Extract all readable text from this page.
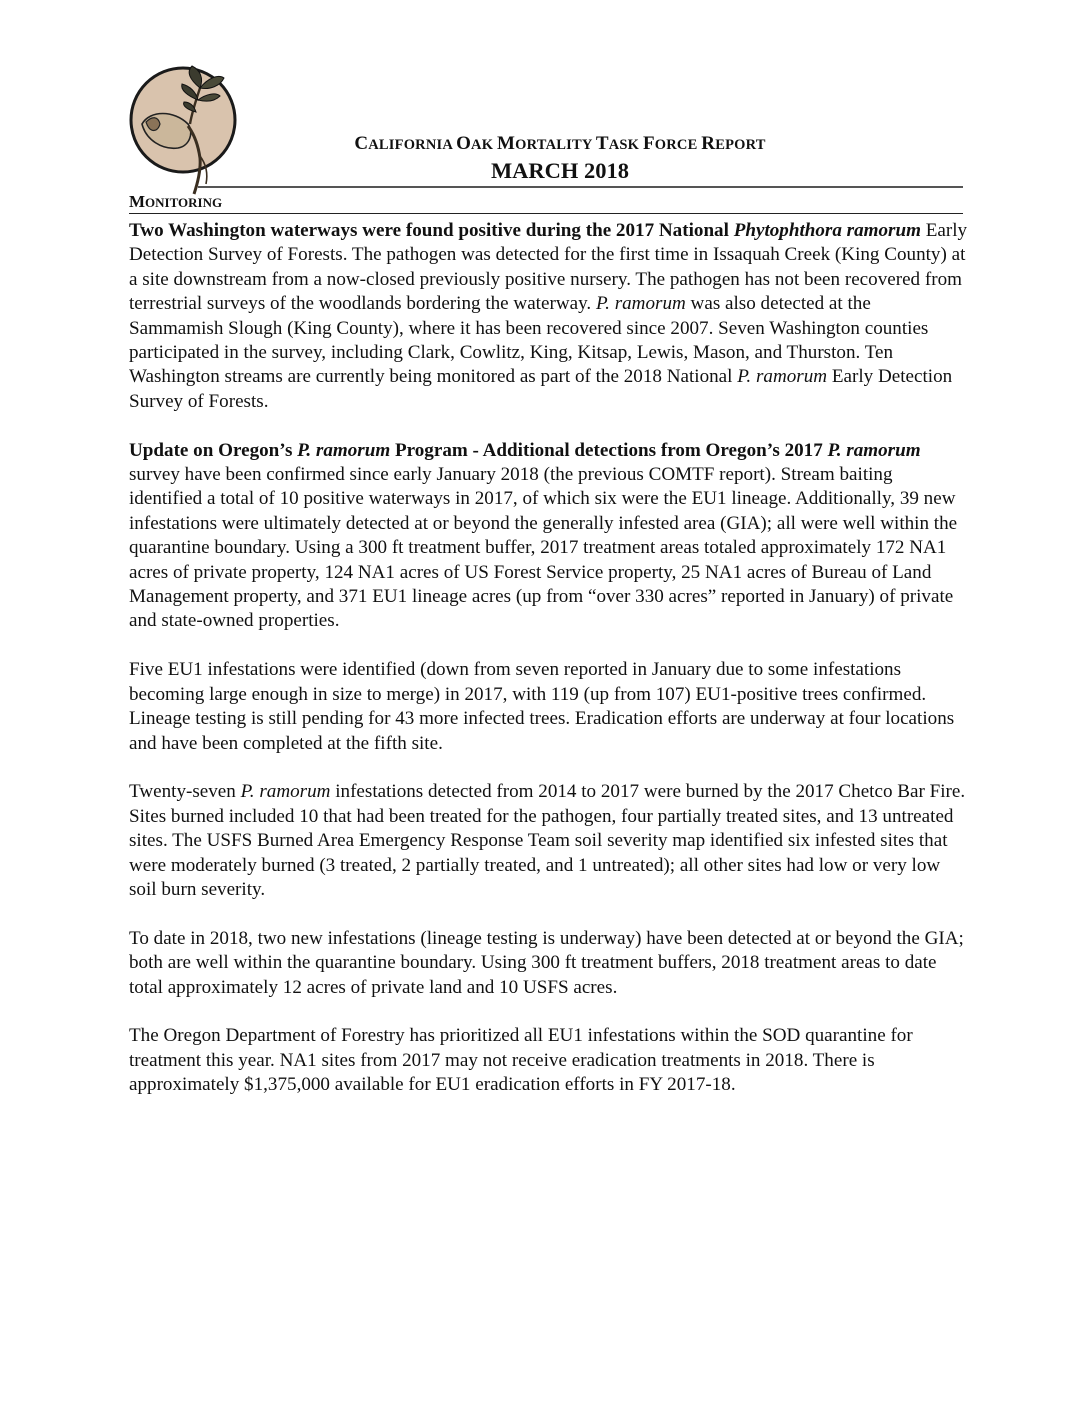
CALIFORNIA OAK MORTALITY TASK FORCE REPORT
MARCH 2018
MONITORING

Two Washington waterways were found positive during the 2017 National Phytophthora ramorum Early Detection Survey of Forests. The pathogen was detected for the first time in Issaquah Creek (King County) at a site downstream from a now-closed previously positive nursery. The pathogen has not been recovered from terrestrial surveys of the woodlands bordering the waterway. P. ramorum was also detected at the Sammamish Slough (King County), where it has been recovered since 2007. Seven Washington counties participated in the survey, including Clark, Cowlitz, King, Kitsap, Lewis, Mason, and Thurston. Ten Washington streams are currently being monitored as part of the 2018 National P. ramorum Early Detection Survey of Forests.

Update on Oregon’s P. ramorum Program - Additional detections from Oregon’s 2017 P. ramorum survey have been confirmed since early January 2018 (the previous COMTF report). Stream baiting identified a total of 10 positive waterways in 2017, of which six were the EU1 lineage. Additionally, 39 new infestations were ultimately detected at or beyond the generally infested area (GIA); all were well within the quarantine boundary. Using a 300 ft treatment buffer, 2017 treatment areas totaled approximately 172 NA1 acres of private property, 124 NA1 acres of US Forest Service property, 25 NA1 acres of Bureau of Land Management property, and 371 EU1 lineage acres (up from “over 330 acres” reported in January) of private and state-owned properties.

Five EU1 infestations were identified (down from seven reported in January due to some infestations becoming large enough in size to merge) in 2017, with 119 (up from 107) EU1-positive trees confirmed. Lineage testing is still pending for 43 more infected trees. Eradication efforts are underway at four locations and have been completed at the fifth site.

Twenty-seven P. ramorum infestations detected from 2014 to 2017 were burned by the 2017 Chetco Bar Fire. Sites burned included 10 that had been treated for the pathogen, four partially treated sites, and 13 untreated sites. The USFS Burned Area Emergency Response Team soil severity map identified six infested sites that were moderately burned (3 treated, 2 partially treated, and 1 untreated); all other sites had low or very low soil burn severity.

To date in 2018, two new infestations (lineage testing is underway) have been detected at or beyond the GIA; both are well within the quarantine boundary. Using 300 ft treatment buffers, 2018 treatment areas to date total approximately 12 acres of private land and 10 USFS acres.

The Oregon Department of Forestry has prioritized all EU1 infestations within the SOD quarantine for treatment this year. NA1 sites from 2017 may not receive eradication treatments in 2018. There is approximately $1,375,000 available for EU1 eradication efforts in FY 2017-18.
